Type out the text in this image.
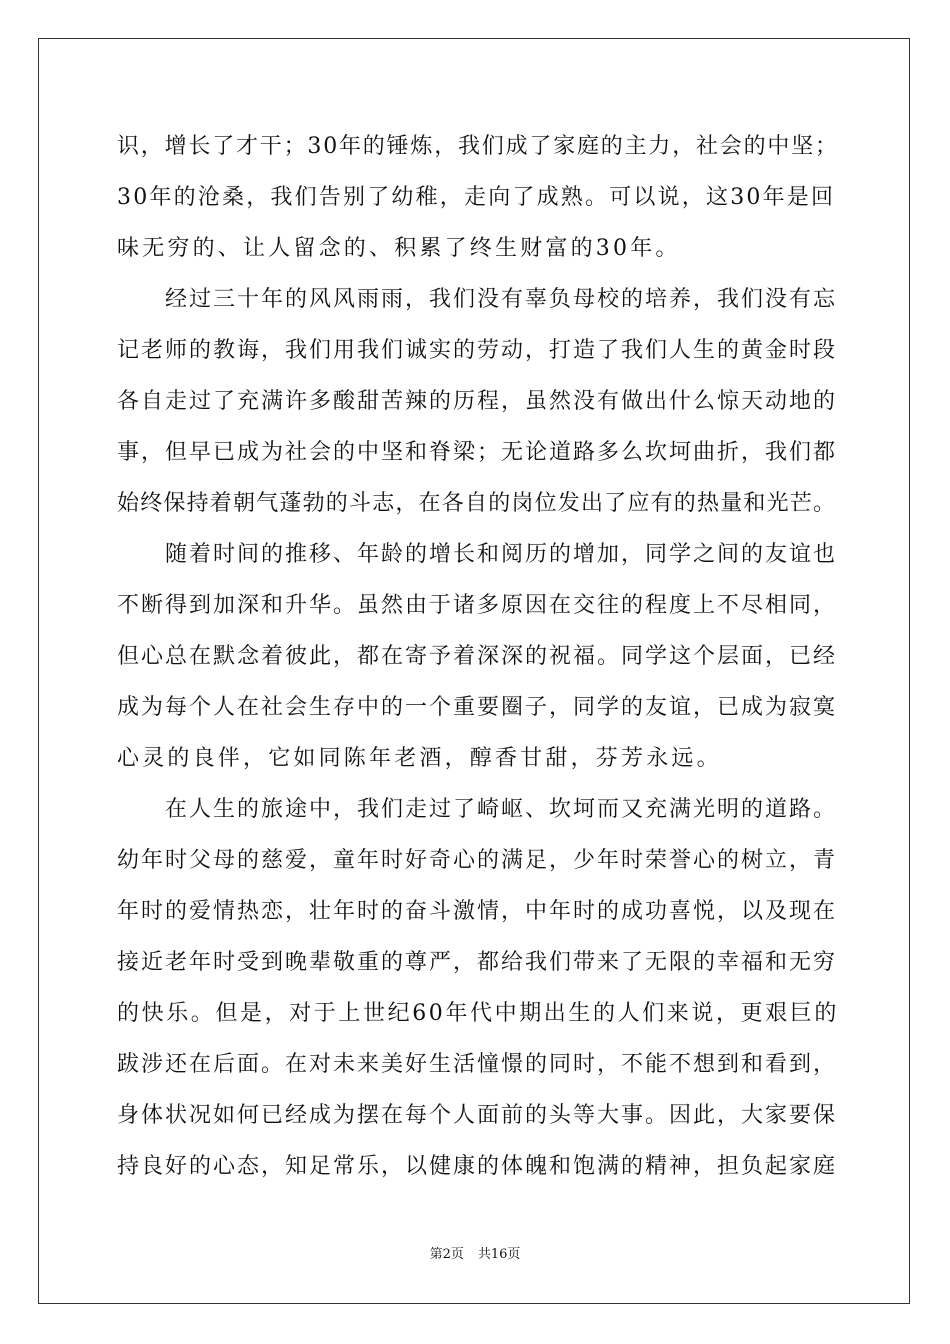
识，增长了才干；30年的锤炼，我们成了家庭的主力，社会的中坚；
30年的沧桑，我们告别了幼稚，走向了成熟。可以说，这30年是回
味无穷的、让人留念的、积累了终生财富的30年。
　　经过三十年的风风雨雨，我们没有辜负母校的培养，我们没有忘
记老师的教诲，我们用我们诚实的劳动，打造了我们人生的黄金时段
各自走过了充满许多酸甜苦辣的历程，虽然没有做出什么惊天动地的
事，但早已成为社会的中坚和脊梁；无论道路多么坎坷曲折，我们都
始终保持着朝气蓬勃的斗志，在各自的岗位发出了应有的热量和光芒。
　　随着时间的推移、年龄的增长和阅历的增加，同学之间的友谊也
不断得到加深和升华。虽然由于诸多原因在交往的程度上不尽相同，
但心总在默念着彼此，都在寄予着深深的祝福。同学这个层面，已经
成为每个人在社会生存中的一个重要圈子，同学的友谊，已成为寂寞
心灵的良伴，它如同陈年老酒，醇香甘甜，芬芳永远。
　　在人生的旅途中，我们走过了崎岖、坎坷而又充满光明的道路。
幼年时父母的慈爱，童年时好奇心的满足，少年时荣誉心的树立，青
年时的爱情热恋，壮年时的奋斗激情，中年时的成功喜悦，以及现在
接近老年时受到晚辈敬重的尊严，都给我们带来了无限的幸福和无穷
的快乐。但是，对于上世纪60年代中期出生的人们来说，更艰巨的
跋涉还在后面。在对未来美好生活憧憬的同时，不能不想到和看到，
身体状况如何已经成为摆在每个人面前的头等大事。因此，大家要保
持良好的心态，知足常乐，以健康的体魄和饱满的精神，担负起家庭
第2页 共16页
